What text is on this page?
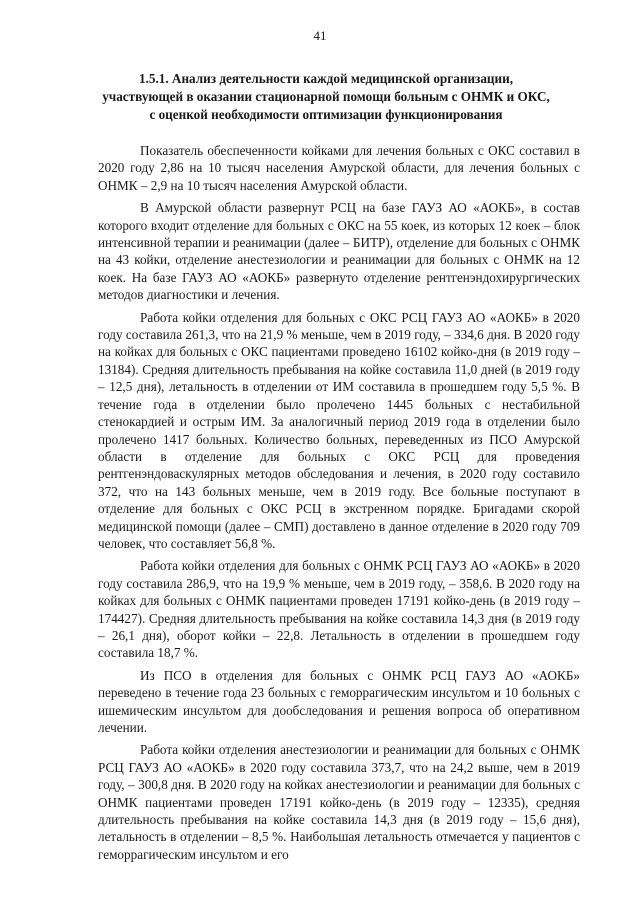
41
1.5.1. Анализ деятельности каждой медицинской организации, участвующей в оказании стационарной помощи больным с ОНМК и ОКС, с оценкой необходимости оптимизации функционирования

Показатель обеспеченности койками для лечения больных с ОКС составил в 2020 году 2,86 на 10 тысяч населения Амурской области, для лечения больных с ОНМК – 2,9 на 10 тысяч населения Амурской области.

В Амурской области развернут РСЦ на базе ГАУЗ АО «АОКБ», в состав которого входит отделение для больных с ОКС на 55 коек, из которых 12 коек – блок интенсивной терапии и реанимации (далее – БИТР), отделение для больных с ОНМК на 43 койки, отделение анестезиологии и реанимации для больных с ОНМК на 12 коек. На базе ГАУЗ АО «АОКБ» развернуто отделение рентгенэндохирургических методов диагностики и лечения.

Работа койки отделения для больных с ОКС РСЦ ГАУЗ АО «АОКБ» в 2020 году составила 261,3, что на 21,9 % меньше, чем в 2019 году, – 334,6 дня. В 2020 году на койках для больных с ОКС пациентами проведено 16102 койко-дня (в 2019 году – 13184). Средняя длительность пребывания на койке составила 11,0 дней (в 2019 году – 12,5 дня), летальность в отделении от ИМ составила в прошедшем году 5,5 %. В течение года в отделении было пролечено 1445 больных с нестабильной стенокардией и острым ИМ. За аналогичный период 2019 года в отделении было пролечено 1417 больных. Количество больных, переведенных из ПСО Амурской области в отделение для больных с ОКС РСЦ для проведения рентгенэндоваскулярных методов обследования и лечения, в 2020 году составило 372, что на 143 больных меньше, чем в 2019 году. Все больные поступают в отделение для больных с ОКС РСЦ в экстренном порядке. Бригадами скорой медицинской помощи (далее – СМП) доставлено в данное отделение в 2020 году 709 человек, что составляет 56,8 %.

Работа койки отделения для больных с ОНМК РСЦ ГАУЗ АО «АОКБ» в 2020 году составила 286,9, что на 19,9 % меньше, чем в 2019 году, – 358,6. В 2020 году на койках для больных с ОНМК пациентами проведен 17191 койко-день (в 2019 году – 174427). Средняя длительность пребывания на койке составила 14,3 дня (в 2019 году – 26,1 дня), оборот койки – 22,8. Летальность в отделении в прошедшем году составила 18,7 %.

Из ПСО в отделения для больных с ОНМК РСЦ ГАУЗ АО «АОКБ» переведено в течение года 23 больных с геморрагическим инсультом и 10 больных с ишемическим инсультом для дообследования и решения вопроса об оперативном лечении.

Работа койки отделения анестезиологии и реанимации для больных с ОНМК РСЦ ГАУЗ АО «АОКБ» в 2020 году составила 373,7, что на 24,2 выше, чем в 2019 году, – 300,8 дня. В 2020 году на койках анестезиологии и реанимации для больных с ОНМК пациентами проведен 17191 койко-день (в 2019 году – 12335), средняя длительность пребывания на койке составила 14,3 дня (в 2019 году – 15,6 дня), летальность в отделении – 8,5 %. Наибольшая летальность отмечается у пациентов с геморрагическим инсультом и его
